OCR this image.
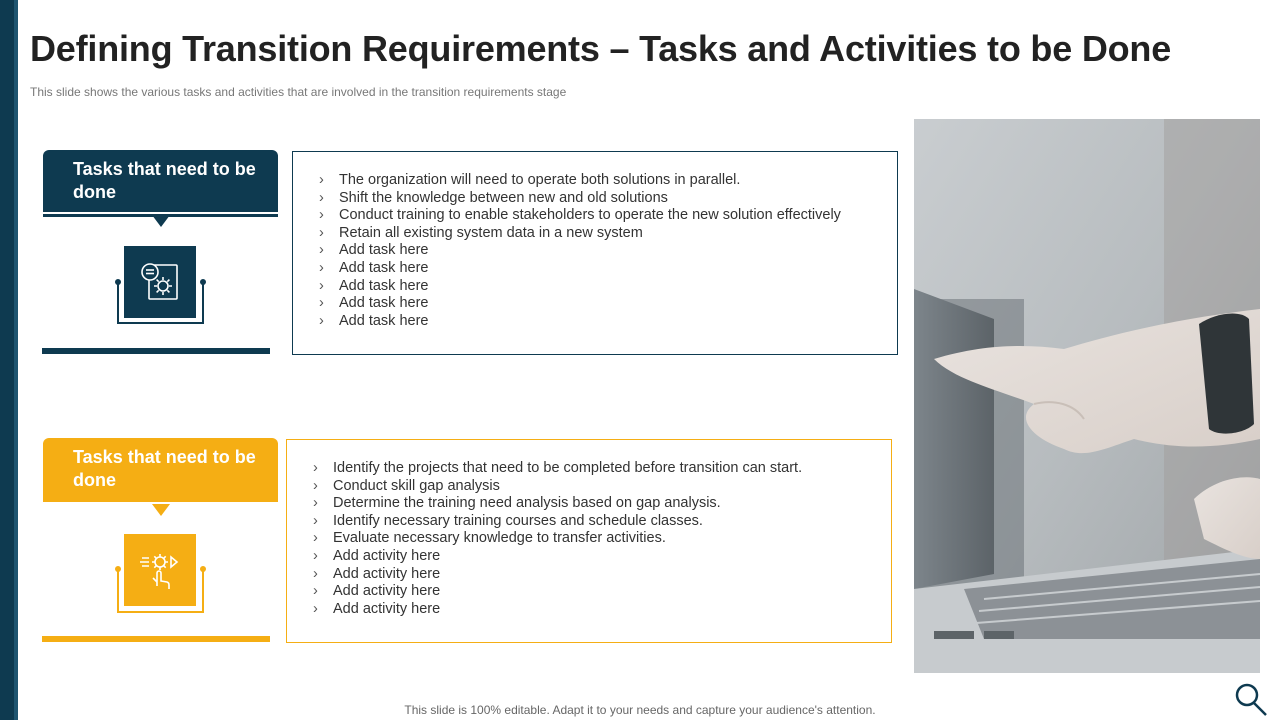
Defining Transition Requirements – Tasks and Activities to be Done
This slide shows the various tasks and activities that are involved in the transition requirements stage
Tasks that need to be done
› The organization will need to operate both solutions in parallel.
› Shift the knowledge between new and old solutions
› Conduct training to enable stakeholders to operate the new solution effectively
› Retain all existing system data in a new system
› Add task here
› Add task here
› Add task here
› Add task here
› Add task here
Tasks that need to be done
› Identify the projects that need to be completed before transition can start.
› Conduct skill gap analysis
› Determine the training need analysis based on gap analysis.
› Identify necessary training courses and schedule classes.
› Evaluate necessary knowledge to transfer activities.
› Add activity here
› Add activity here
› Add activity here
› Add activity here
This slide is 100% editable. Adapt it to your needs and capture your audience's attention.
